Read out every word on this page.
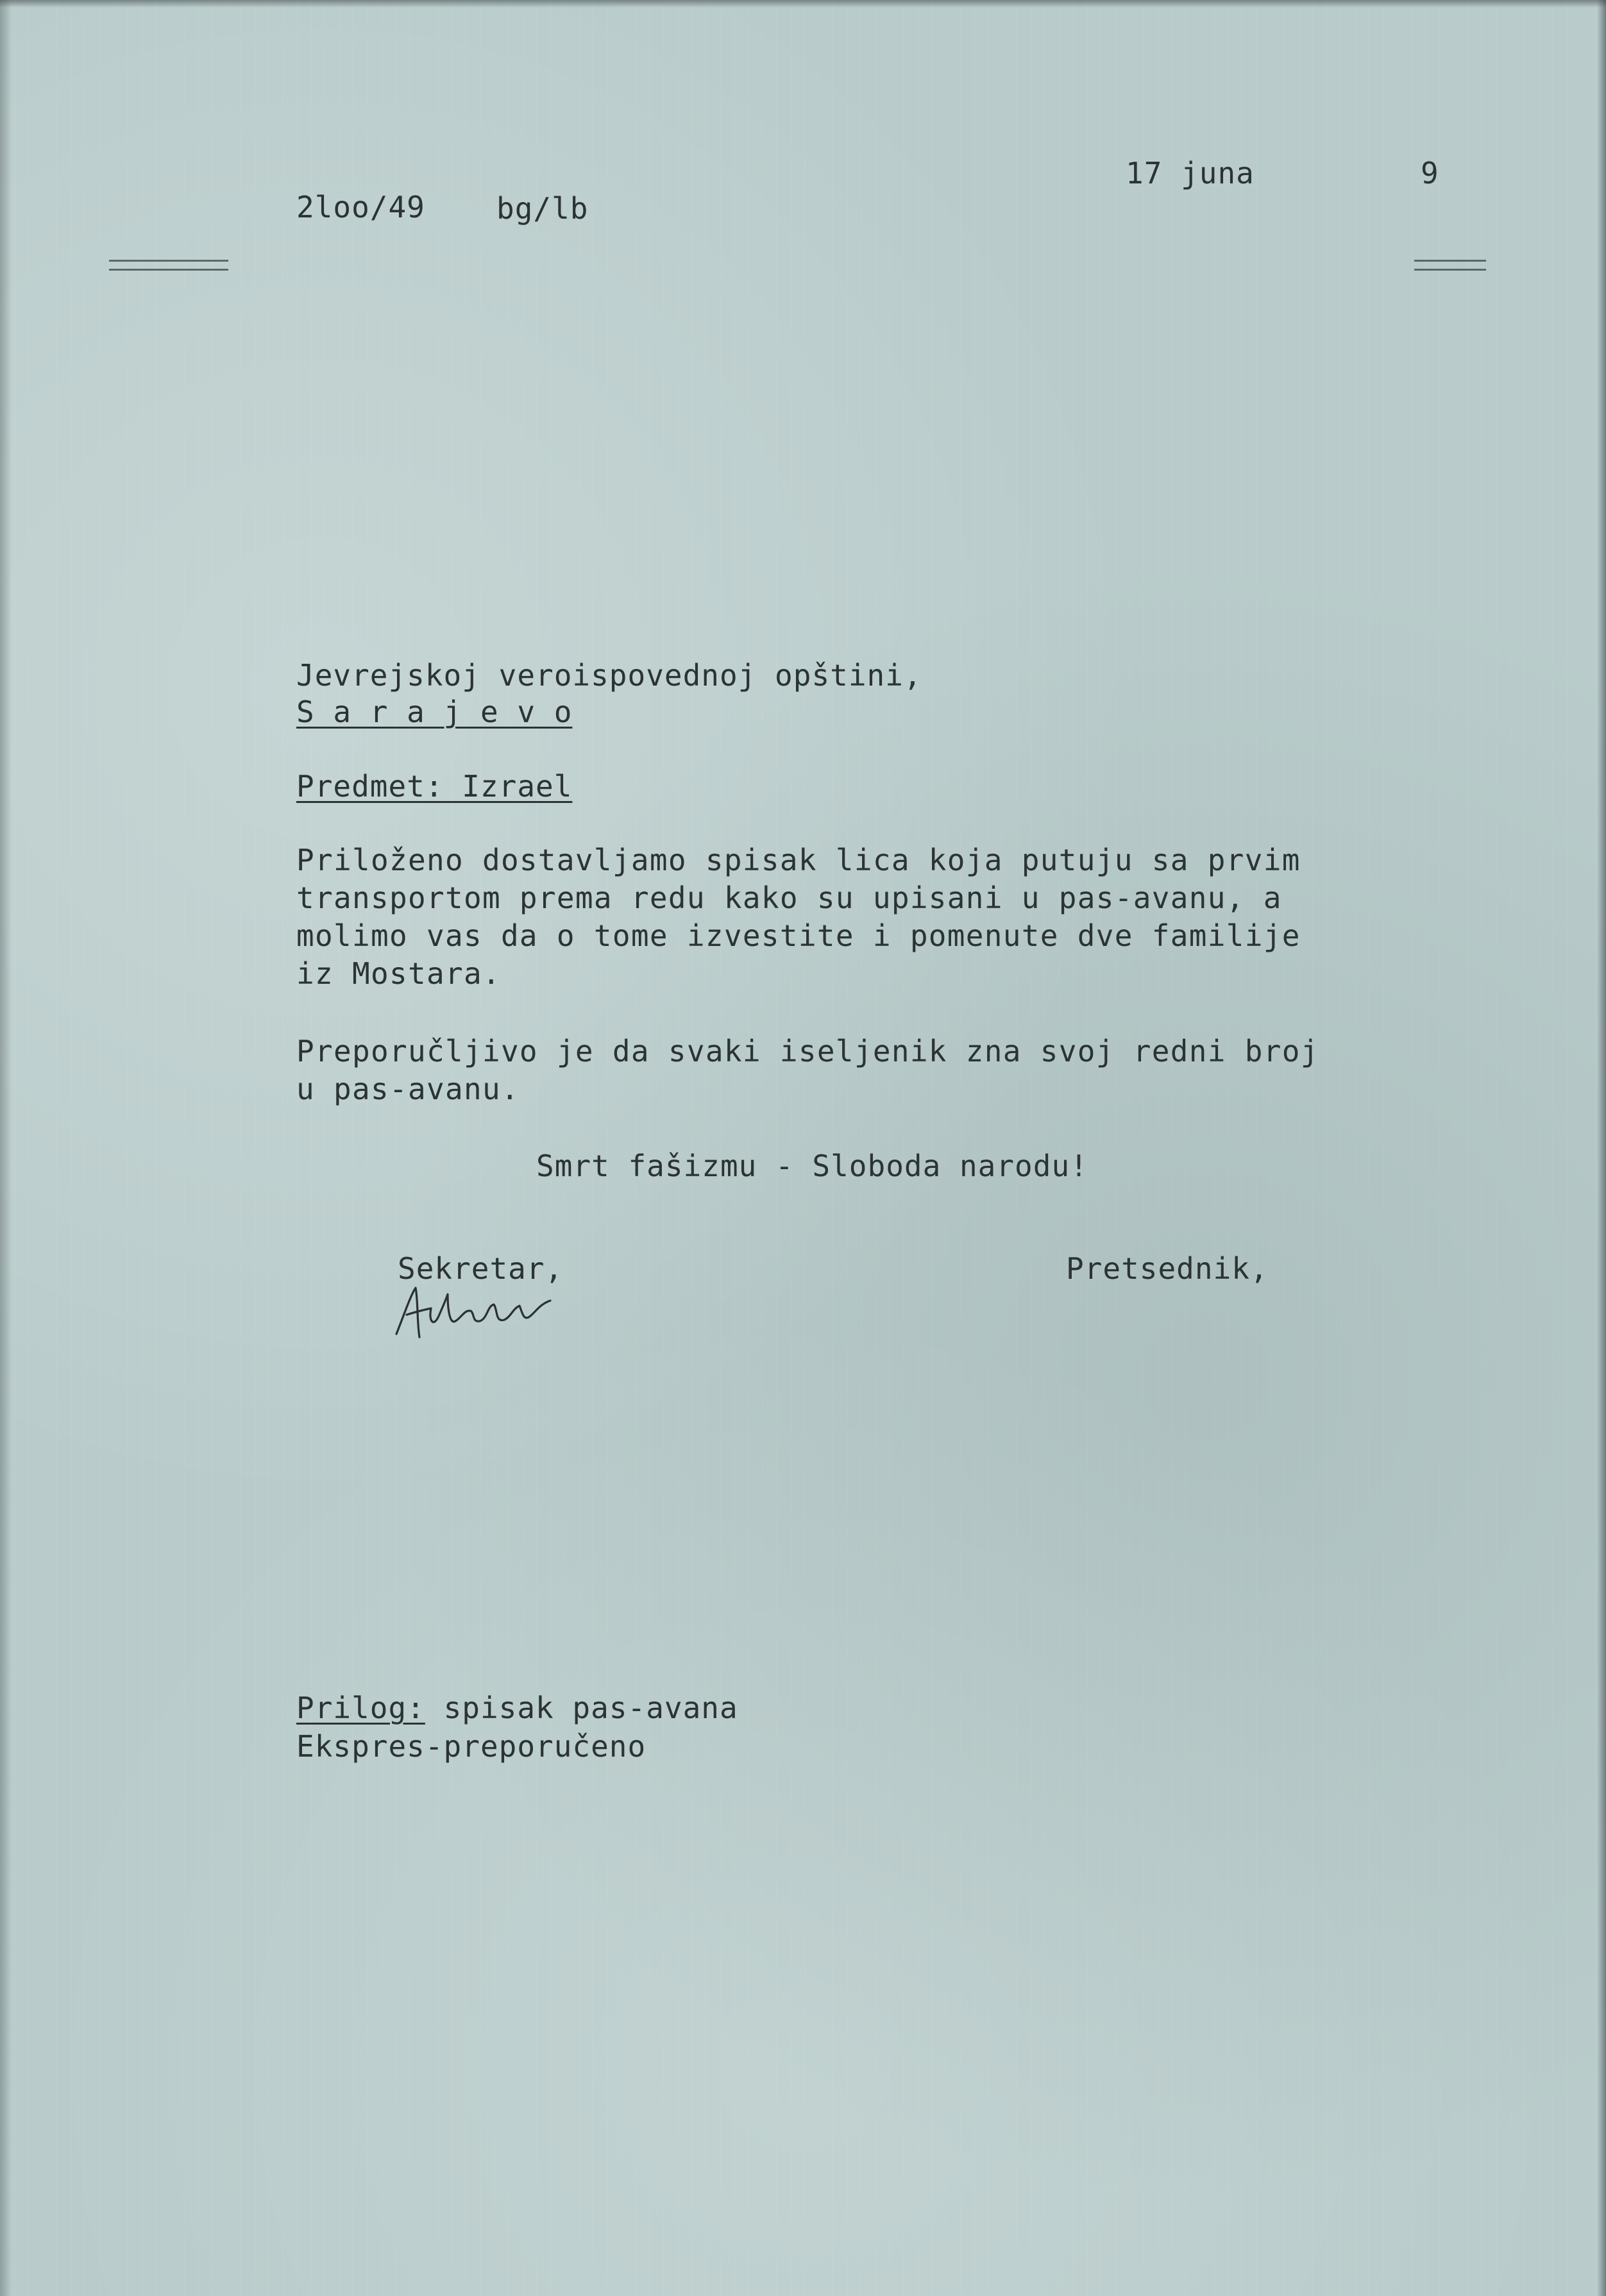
2loo/49 bg/lb
17 juna	9
Jevrejskoj veroispovednoj opštini,
S a r a j e v o
Predmet: Izrael
Priloženo dostavljamo spisak lica koja putuju sa prvim
transportom prema redu kako su upisani u pas-avanu, a
molimo vas da o tome izvestite i pomenute dve familije
iz Mostara.
Preporučljivo je da svaki iseljenik zna svoj redni broj
u pas-avanu.
Smrt fašizmu - Sloboda narodu!
Sekretar,	Pretsednik,
Prilog: spisak pas-avana
Ekspres-preporučeno
